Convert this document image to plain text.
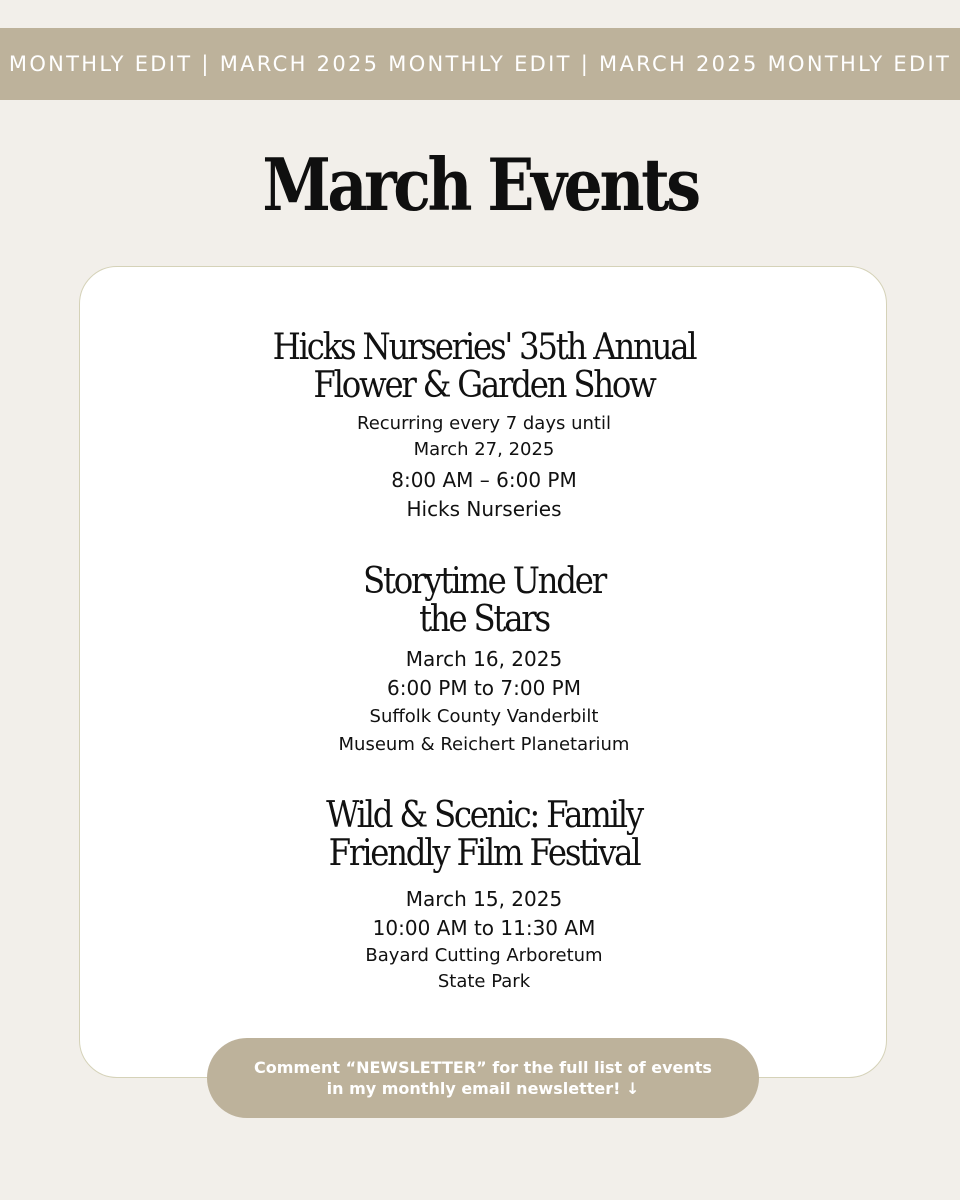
MONTHLY EDIT | MARCH 2025 MONTHLY EDIT | MARCH 2025 MONTHLY EDIT
March Events
Hicks Nurseries' 35th Annual
Flower & Garden Show
Recurring every 7 days until
March 27, 2025
8:00 AM – 6:00 PM
Hicks Nurseries
Storytime Under
the Stars
March 16, 2025
6:00 PM to 7:00 PM
Suffolk County Vanderbilt
Museum & Reichert Planetarium
Wild & Scenic: Family
Friendly Film Festival
March 15, 2025
10:00 AM to 11:30 AM
Bayard Cutting Arboretum
State Park
Comment “NEWSLETTER” for the full list of events
in my monthly email newsletter! ↓
